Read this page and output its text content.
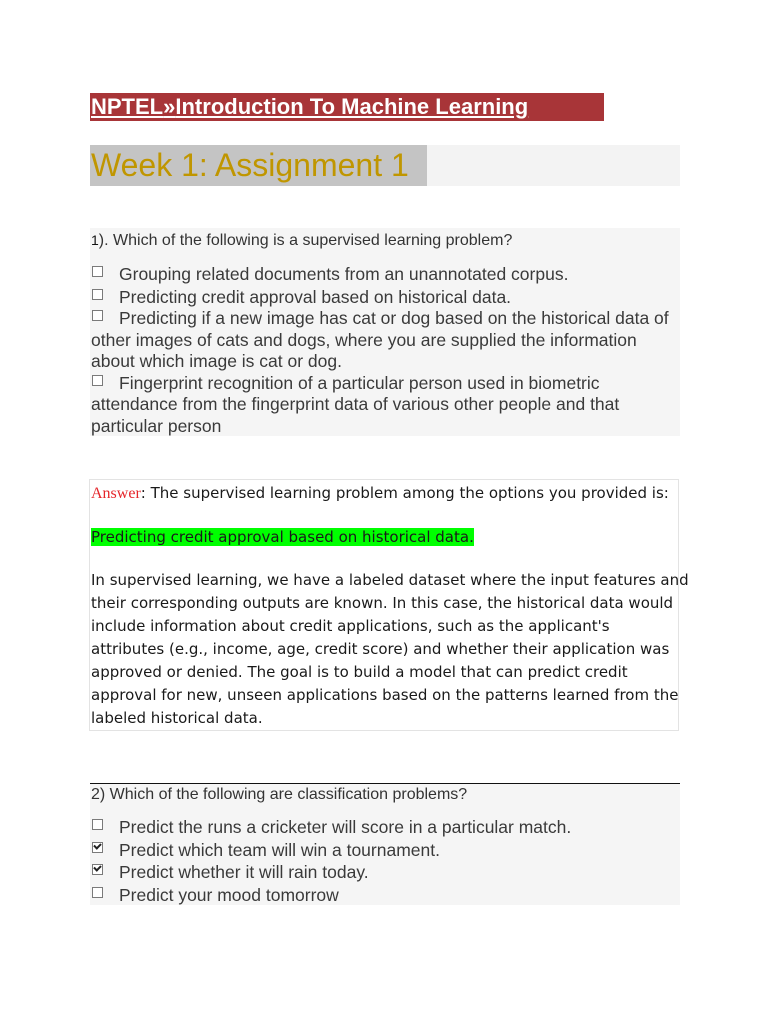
NPTEL»Introduction To Machine Learning
Week 1: Assignment 1
1). Which of the following is a supervised learning problem?
Grouping related documents from an unannotated corpus.
Predicting credit approval based on historical data.
Predicting if a new image has cat or dog based on the historical data of
other images of cats and dogs, where you are supplied the information
about which image is cat or dog.
Fingerprint recognition of a particular person used in biometric
attendance from the fingerprint data of various other people and that
particular person
Answer: The supervised learning problem among the options you provided is:
Predicting credit approval based on historical data.
In supervised learning, we have a labeled dataset where the input features and
their corresponding outputs are known. In this case, the historical data would
include information about credit applications, such as the applicant's
attributes (e.g., income, age, credit score) and whether their application was
approved or denied. The goal is to build a model that can predict credit
approval for new, unseen applications based on the patterns learned from the
labeled historical data.
2) Which of the following are classification problems?
Predict the runs a cricketer will score in a particular match.
Predict which team will win a tournament.
Predict whether it will rain today.
Predict your mood tomorrow
